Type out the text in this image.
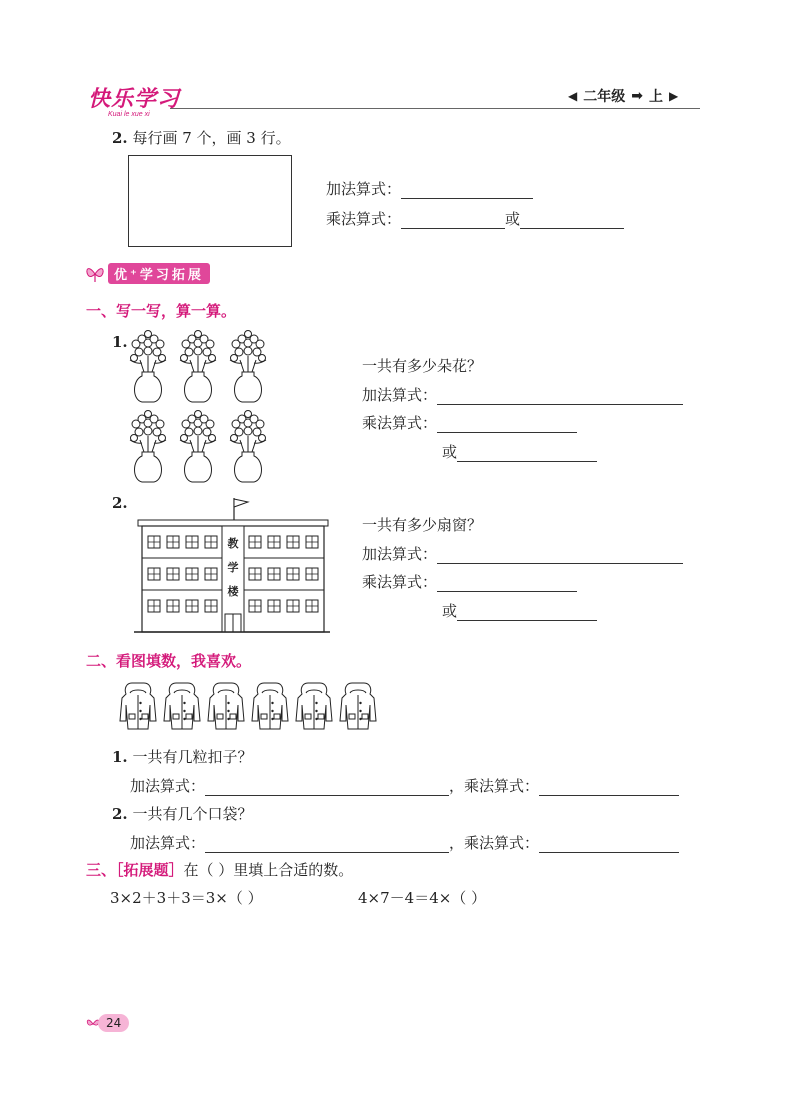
快乐学习
Kuai le xue xi
◀ 二年级 ➡ 上 ▶
2. 每行画 7 个，画 3 行。
加法算式：
乘法算式：	或
优⁺学习拓展
一、写一写，算一算。
1.
一共有多少朵花？
加法算式：
乘法算式：
或
2.
教
学
楼
一共有多少扇窗？
加法算式：
乘法算式：
或
二、看图填数，我喜欢。
1. 一共有几粒扣子？
加法算式：	，乘法算式：
2. 一共有几个口袋？
加法算式：	，乘法算式：
三、［拓展题］在（ ）里填上合适的数。
3×2＋3＋3＝3×（ ）	4×7－4＝4×（ ）
24
